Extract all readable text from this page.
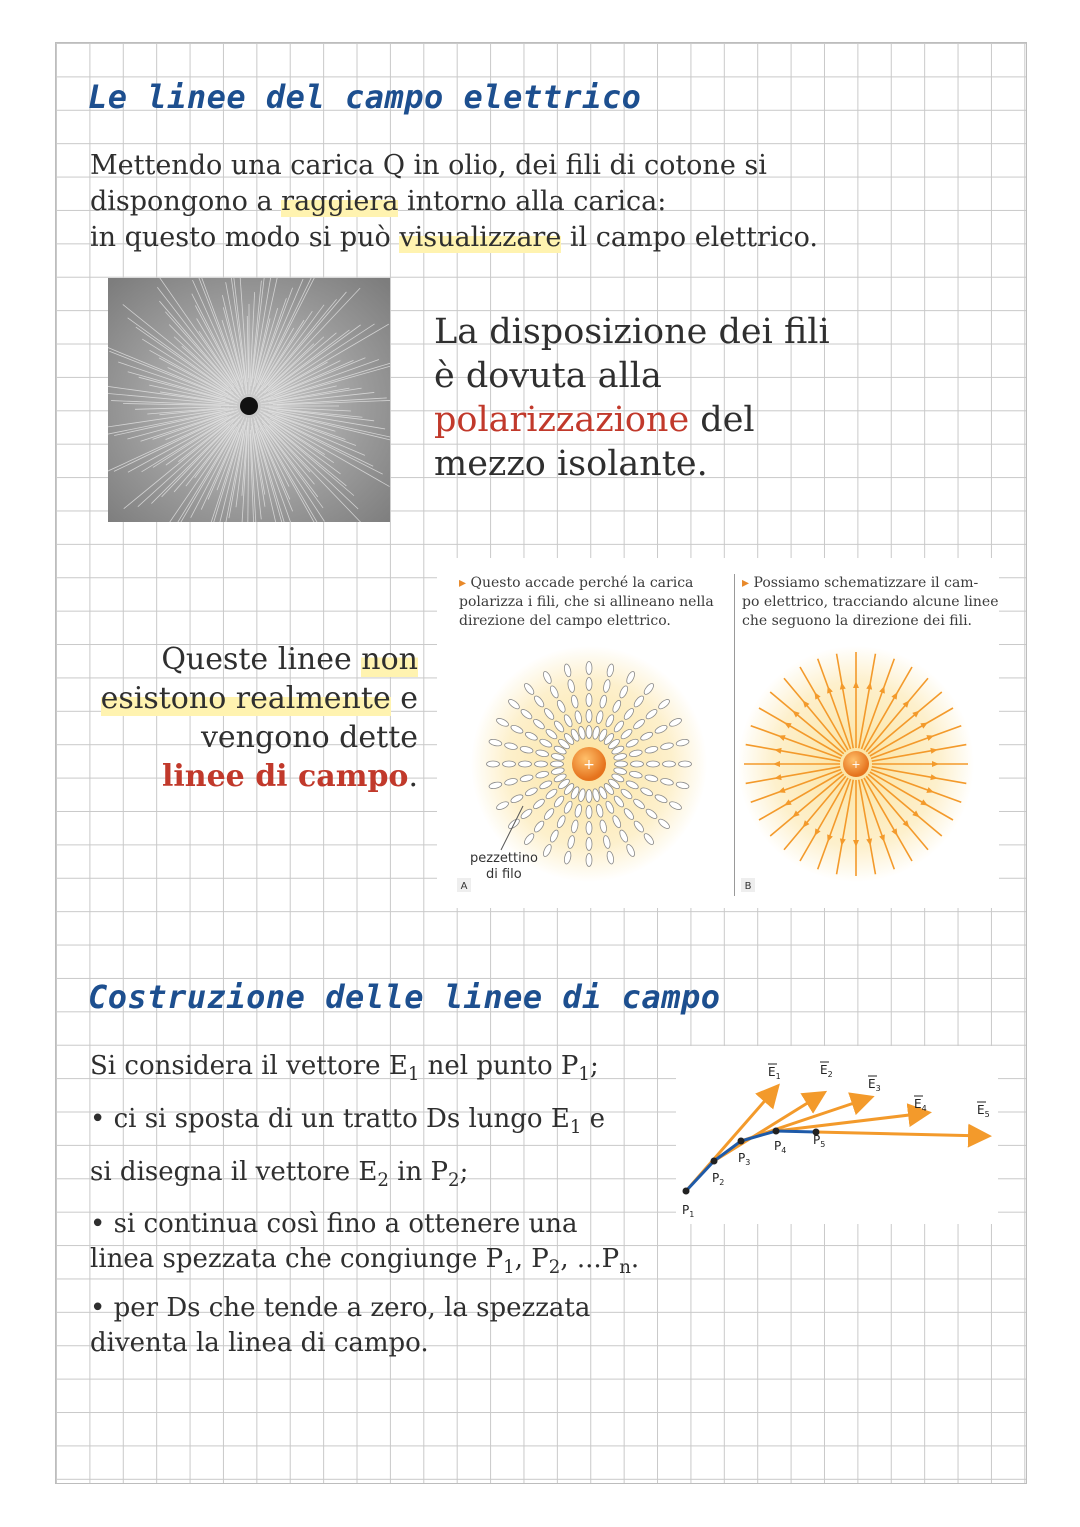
Le linee del campo elettrico
Mettendo una carica Q in olio, dei fili di cotone si
dispongono a raggiera intorno alla carica:
in questo modo si può visualizzare il campo elettrico.
La disposizione dei fili
è dovuta alla
polarizzazione del
mezzo isolante.
Queste linee non
esistono realmente e
vengono dette
linee di campo.
▸ Questo accade perché la carica
polarizza i fili, che si allineano nella
direzione del campo elettrico.
▸ Possiamo schematizzare il cam-
po elettrico, tracciando alcune linee
che seguono la direzione dei fili.
+
pezzettino
di filo
A
+
B
Costruzione delle linee di campo
Si considera il vettore $E_1$ nel punto $P_1$;
• ci si sposta di un tratto Ds lungo $E_1$ e
si disegna il vettore $E_2$ in $P_2$;
• si continua così fino a ottenere una
linea spezzata che congiunge $P_1$, $P_2$, $...P_n$.
• per Ds che tende a zero, la spezzata
diventa la linea di campo.
$E_1$	$E_2$
$E_3$
$E_4$	$E_5$
$P_1$
$P_2$
$P_3$
$P_4$
$P_5$
